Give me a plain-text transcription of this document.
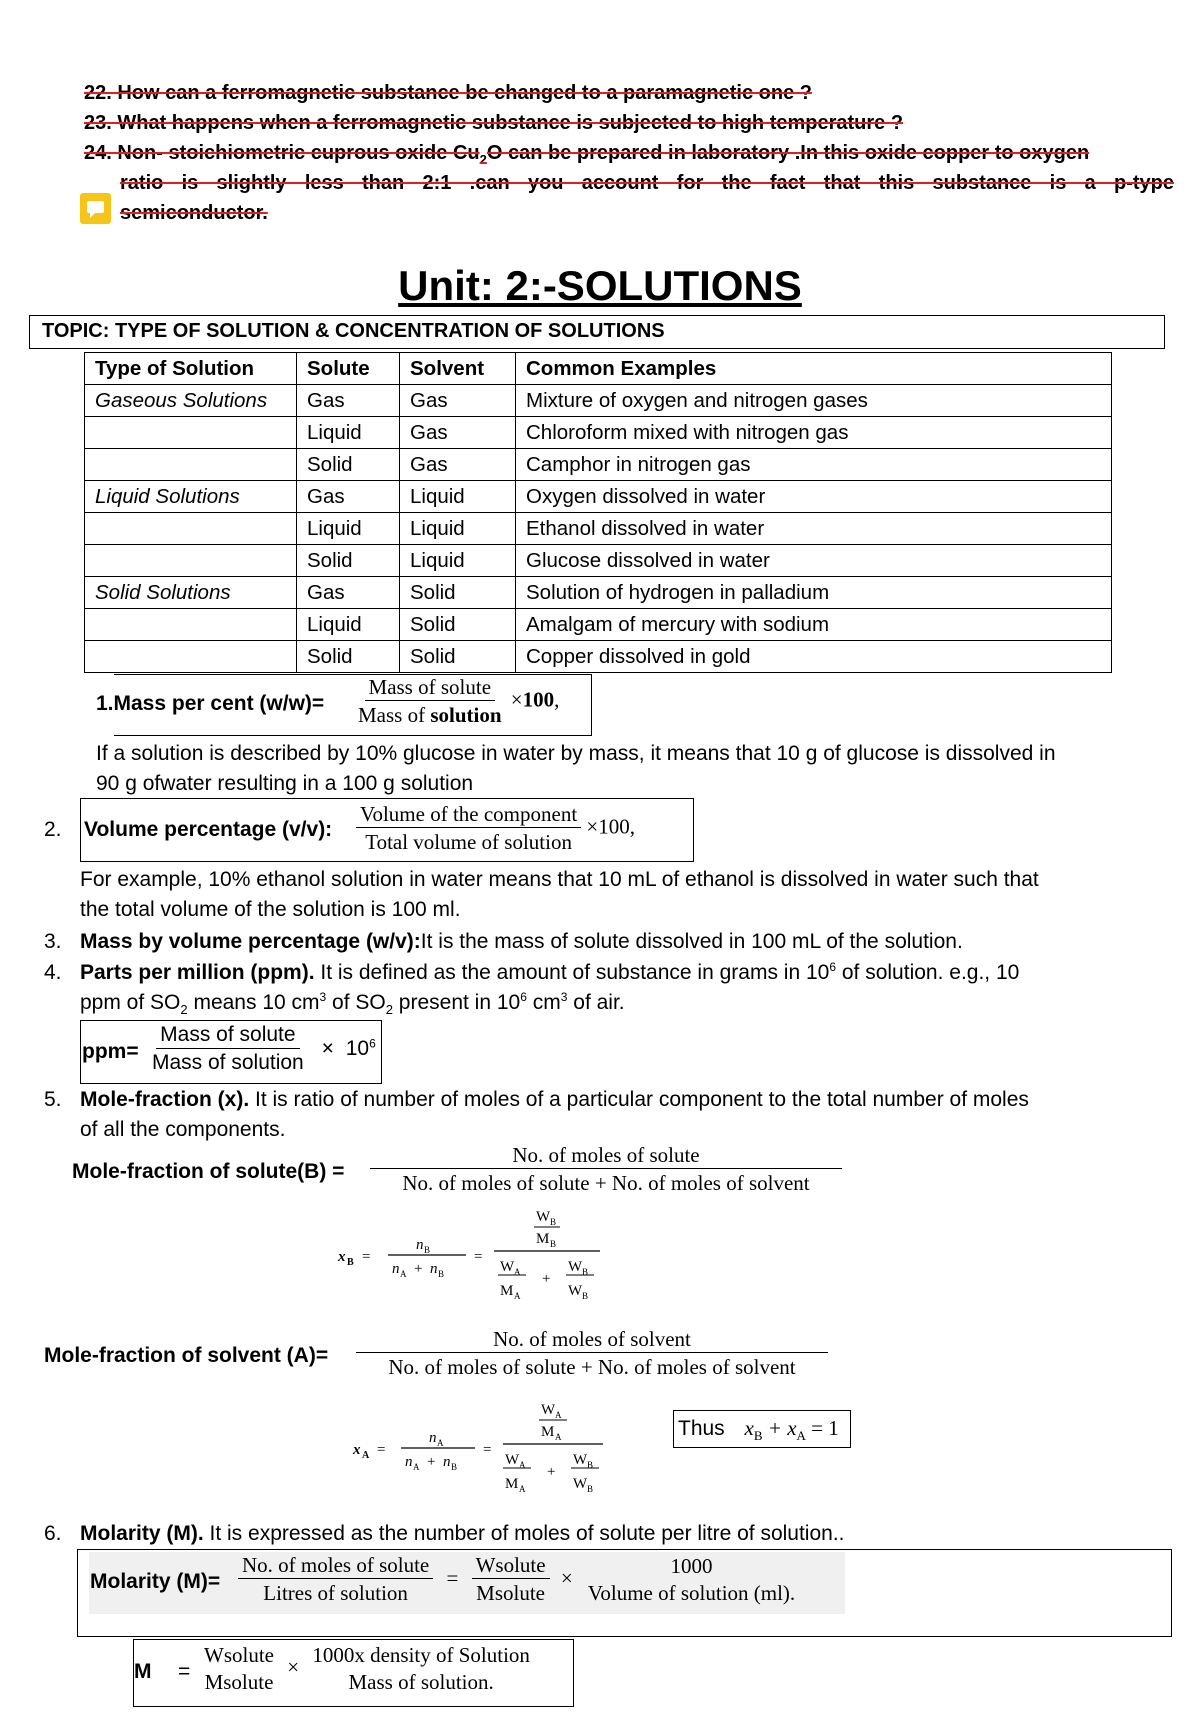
22. How can a ferromagnetic substance be changed to a paramagnetic one ?
23. What happens when a ferromagnetic substance is subjected to high temperature ?
24. Non- stoichiometric cuprous oxide $Cu_2O$ can be prepared in laboratory .In this oxide copper to oxygen
ratio is slightly less than 2:1 .can you account for the fact that this substance is a p-type
semiconductor.
Unit: 2:-SOLUTIONS
TOPIC: TYPE OF SOLUTION & CONCENTRATION OF SOLUTIONS
Type of Solution	Solute	Solvent	Common Examples
Gaseous Solutions	Gas	Gas	Mixture of oxygen and nitrogen gases
	Liquid	Gas	Chloroform mixed with nitrogen gas
	Solid	Gas	Camphor in nitrogen gas
Liquid Solutions	Gas	Liquid	Oxygen dissolved in water
	Liquid	Liquid	Ethanol dissolved in water
	Solid	Liquid	Glucose dissolved in water
Solid Solutions	Gas	Solid	Solution of hydrogen in palladium
	Liquid	Solid	Amalgam of mercury with sodium
	Solid	Solid	Copper dissolved in gold
1.Mass per cent $(w/w)= \frac{\text{Mass of solute}}{\text{Mass of solution}} \times 100$,
If a solution is described by 10% glucose in water by mass, it means that 10 g of glucose is dissolved in
90 g ofwater resulting in a 100 g solution
2. Volume percentage (v/v): $\frac{\text{Volume of the component}}{\text{Total volume of solution}} \times 100$,
For example, 10% ethanol solution in water means that 10 mL of ethanol is dissolved in water such that
the total volume of the solution is 100 ml.
3. Mass by volume percentage (w/v):It is the mass of solute dissolved in 100 mL of the solution.
4. Parts per million (ppm). It is defined as the amount of substance in grams in $10^6$ of solution. e.g., 10
ppm of $SO_2$ means 10 $cm^3$ of $SO_2$ present in $10^6$ $cm^3$ of air.
$ppm= \frac{\text{Mass of solute}}{\text{Mass of solution}} \times 10^6$
5. Mole-fraction (x). It is ratio of number of moles of a particular component to the total number of moles
of all the components.
Mole-fraction of solute(B) = $\frac{\text{No. of moles of solute}}{\text{No. of moles of solute + No. of moles of solvent}}$
x B =
n B
n A + n B
=
W B
M B
W A
M A
+
W B
W B
Mole-fraction of solvent $(A)= \frac{\text{No. of moles of solvent}}{\text{No. of moles of solute + No. of moles of solvent}}$
x A =
n A
n A + n B
=
W A
M A
W A
M A
+
W B
W B
Thus $x_B + x_A = 1$
6. Molarity (M). It is expressed as the number of moles of solute per litre of solution..
Molarity $(M)= \frac{\text{No. of moles of solute}}{\text{Litres of solution}} = \frac{\text{Wsolute}}{\text{Msolute}}$ ×
1000
Volume of solution (ml).
M =
Wsolute
Msolute
×
1000x density of Solution
Mass of solution.
